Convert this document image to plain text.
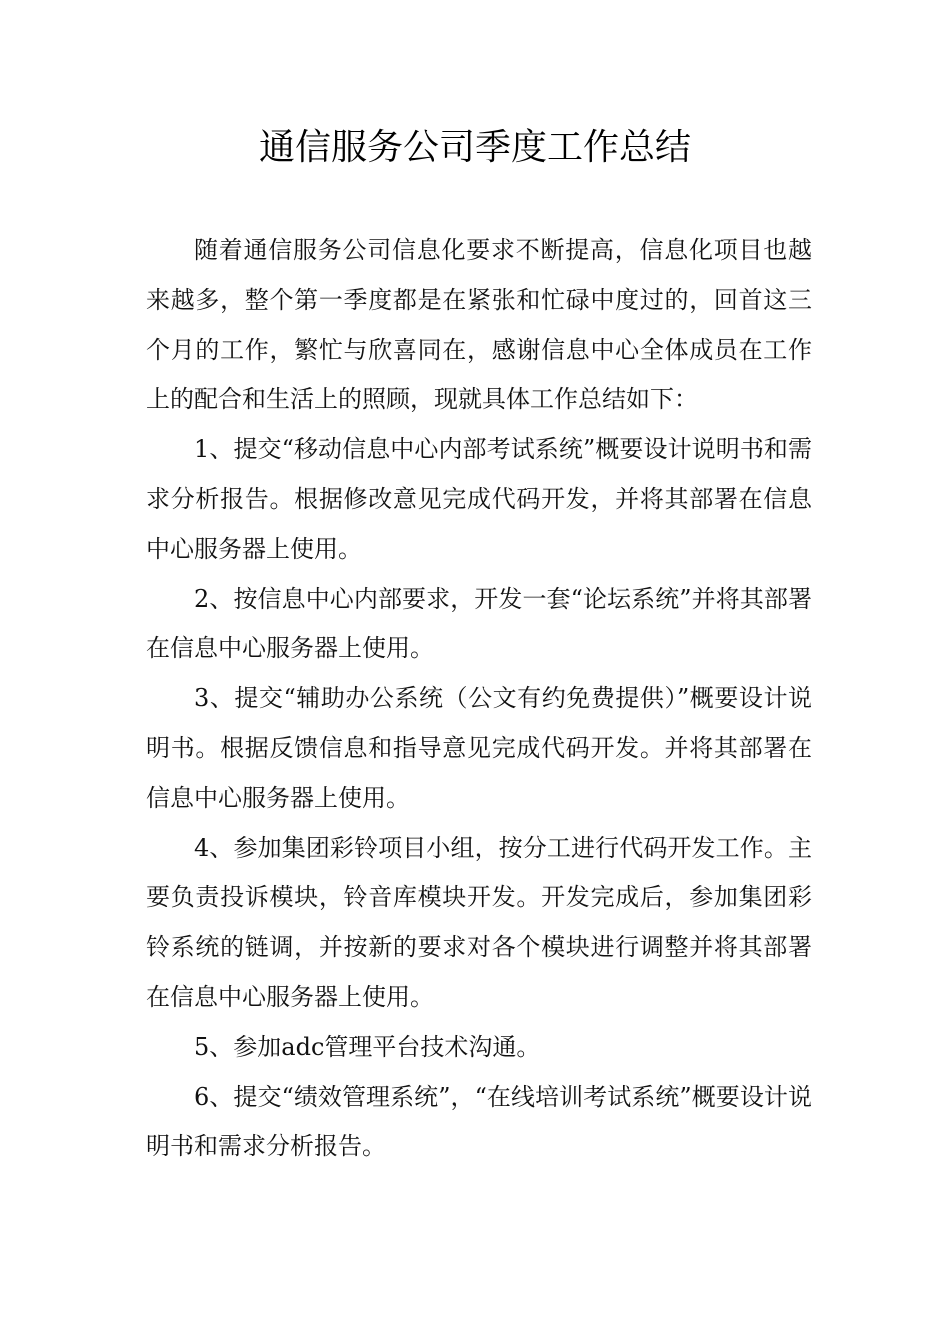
通信服务公司季度工作总结

随着通信服务公司信息化要求不断提高，信息化项目也越来越多，整个第一季度都是在紧张和忙碌中度过的，回首这三个月的工作，繁忙与欣喜同在，感谢信息中心全体成员在工作上的配合和生活上的照顾，现就具体工作总结如下：

1、提交“移动信息中心内部考试系统”概要设计说明书和需求分析报告。根据修改意见完成代码开发，并将其部署在信息中心服务器上使用。

2、按信息中心内部要求，开发一套“论坛系统”并将其部署在信息中心服务器上使用。

3、提交“辅助办公系统（公文有约免费提供）”概要设计说明书。根据反馈信息和指导意见完成代码开发。并将其部署在信息中心服务器上使用。

4、参加集团彩铃项目小组，按分工进行代码开发工作。主要负责投诉模块，铃音库模块开发。开发完成后，参加集团彩铃系统的链调，并按新的要求对各个模块进行调整并将其部署在信息中心服务器上使用。

5、参加adc管理平台技术沟通。

6、提交“绩效管理系统”，“在线培训考试系统”概要设计说明书和需求分析报告。
